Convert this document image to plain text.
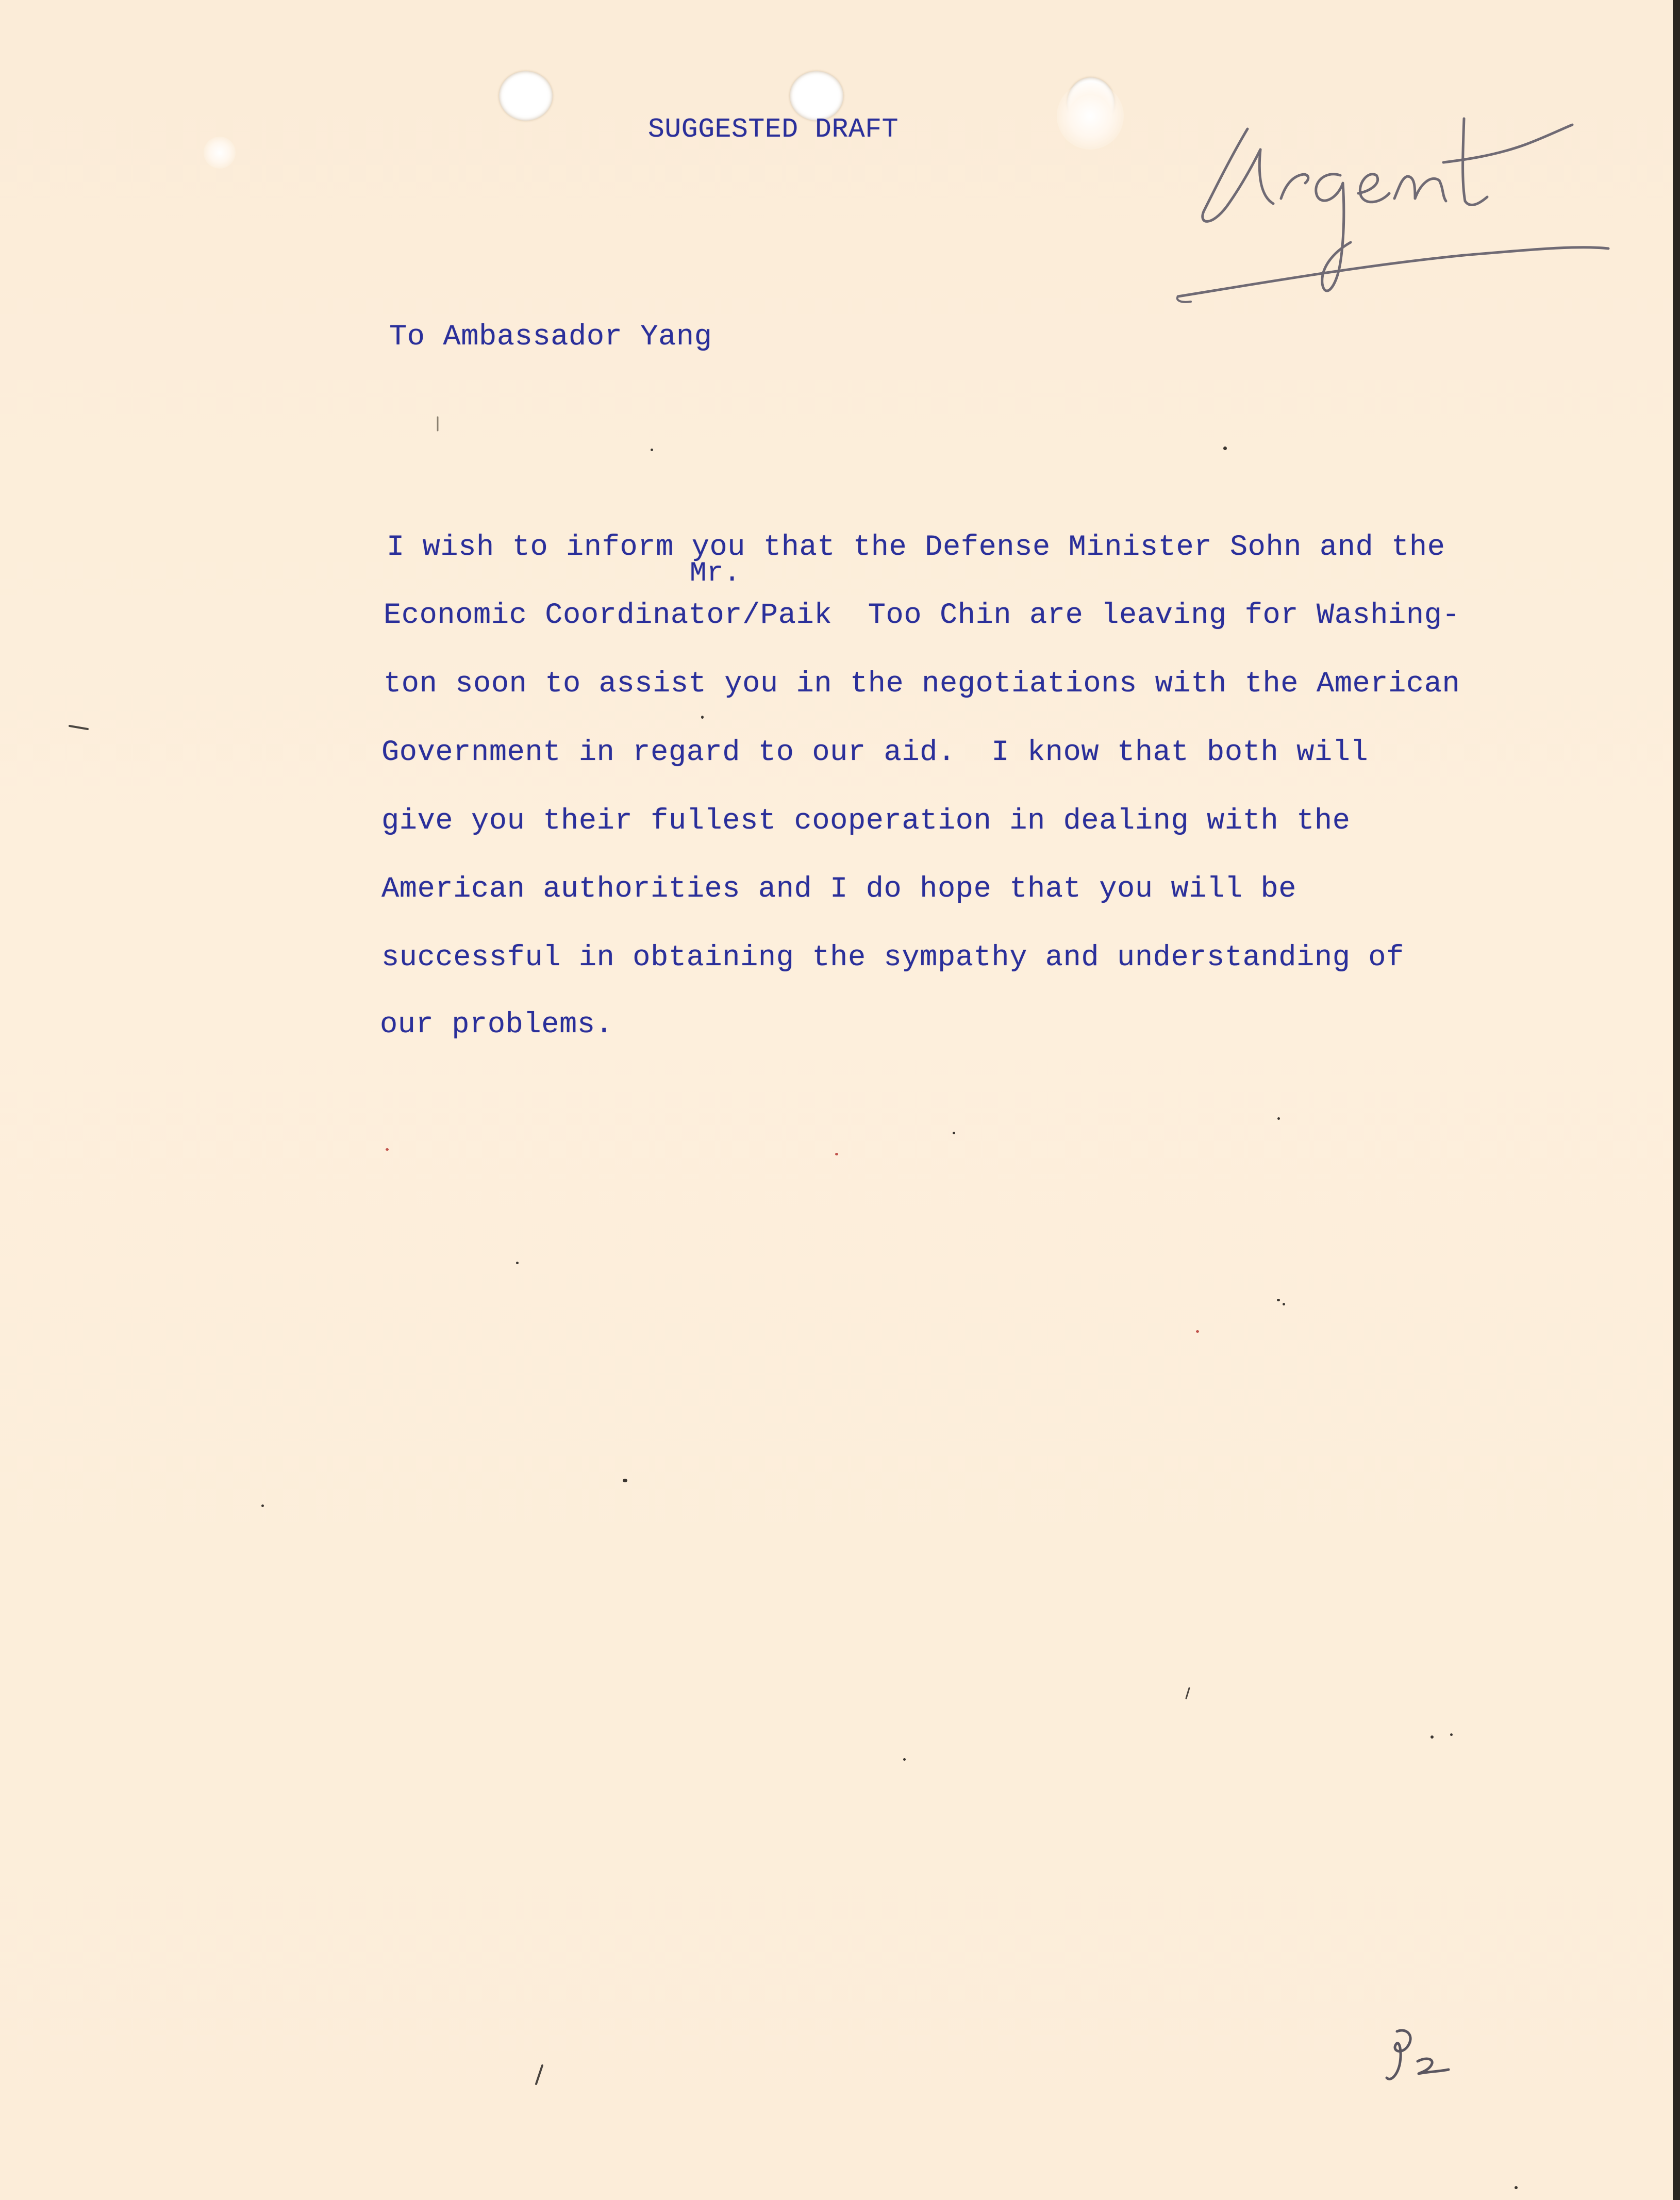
SUGGESTED DRAFT

To Ambassador Yang

Mr.

I wish to inform you that the Defense Minister Sohn and the

Economic Coordinator/Paik  Too Chin are leaving for Washing-

ton soon to assist you in the negotiations with the American

Government in regard to our aid.  I know that both will

give you their fullest cooperation in dealing with the

American authorities and I do hope that you will be

successful in obtaining the sympathy and understanding of

our problems.
